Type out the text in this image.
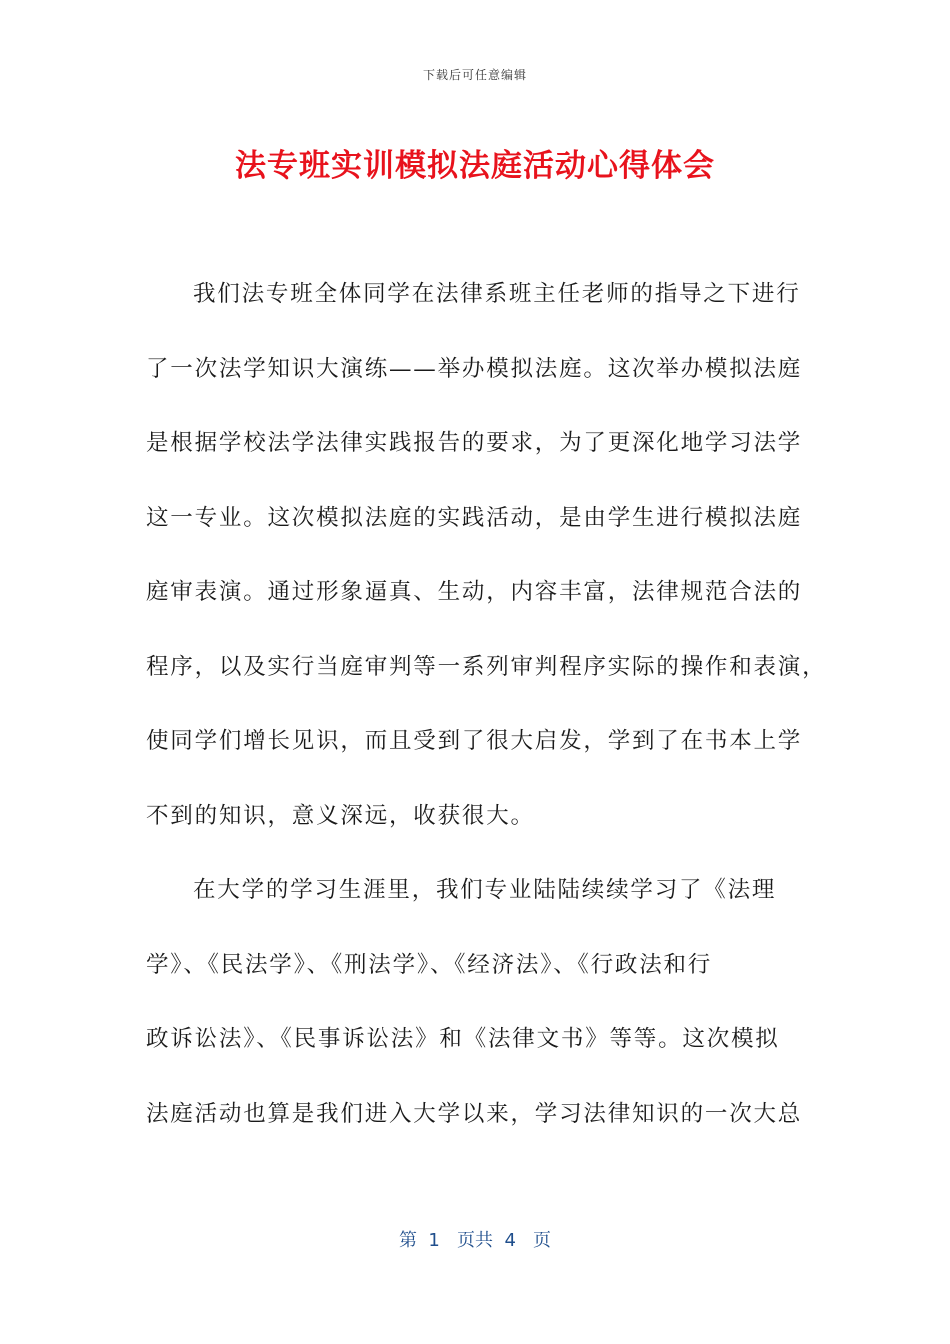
下载后可任意编辑
法专班实训模拟法庭活动心得体会
我们法专班全体同学在法律系班主任老师的指导之下进行
了一次法学知识大演练——举办模拟法庭。这次举办模拟法庭
是根据学校法学法律实践报告的要求，为了更深化地学习法学
这一专业。这次模拟法庭的实践活动，是由学生进行模拟法庭
庭审表演。通过形象逼真、生动，内容丰富，法律规范合法的
程序，以及实行当庭审判等一系列审判程序实际的操作和表演，
使同学们增长见识，而且受到了很大启发，学到了在书本上学
不到的知识，意义深远，收获很大。
在大学的学习生涯里，我们专业陆陆续续学习了《法理
学》、《民法学》、《刑法学》、《经济法》、《行政法和行
政诉讼法》、《民事诉讼法》和《法律文书》等等。这次模拟
法庭活动也算是我们进入大学以来，学习法律知识的一次大总
第  1   页共  4   页
